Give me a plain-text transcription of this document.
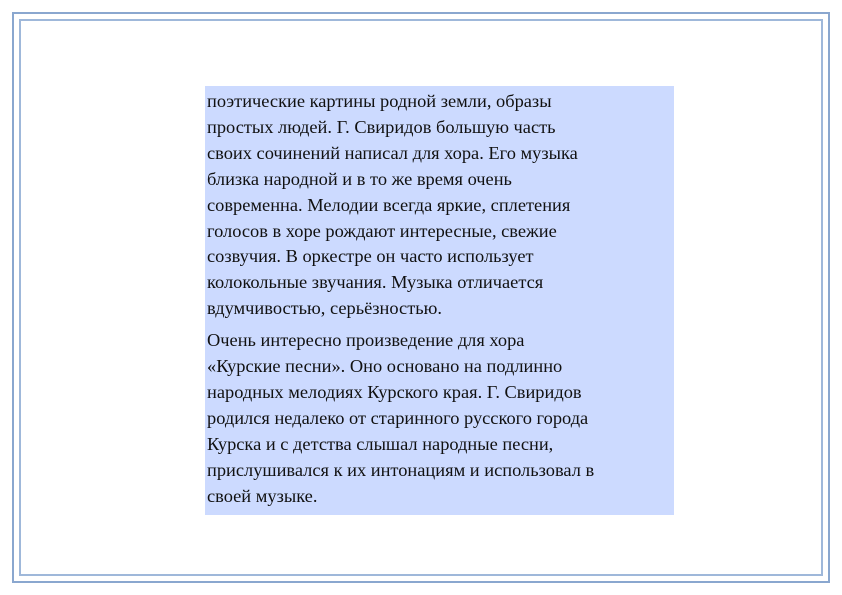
поэтические картины родной земли, образы
простых людей. Г. Свиридов большую часть
своих сочинений написал для хора. Его музыка
близка народной и в то же время очень
современна. Мелодии всегда яркие, сплетения
голосов в хоре рождают интересные, свежие
созвучия. В оркестре он часто использует
колокольные звучания. Музыка отличается
вдумчивостью, серьёзностью.

Очень интересно произведение для хора
«Курские песни». Оно основано на подлинно
народных мелодиях Курского края. Г. Свиридов
родился недалеко от старинного русского города
Курска и с детства слышал народные песни,
прислушивался к их интонациям и использовал в
своей музыке.
